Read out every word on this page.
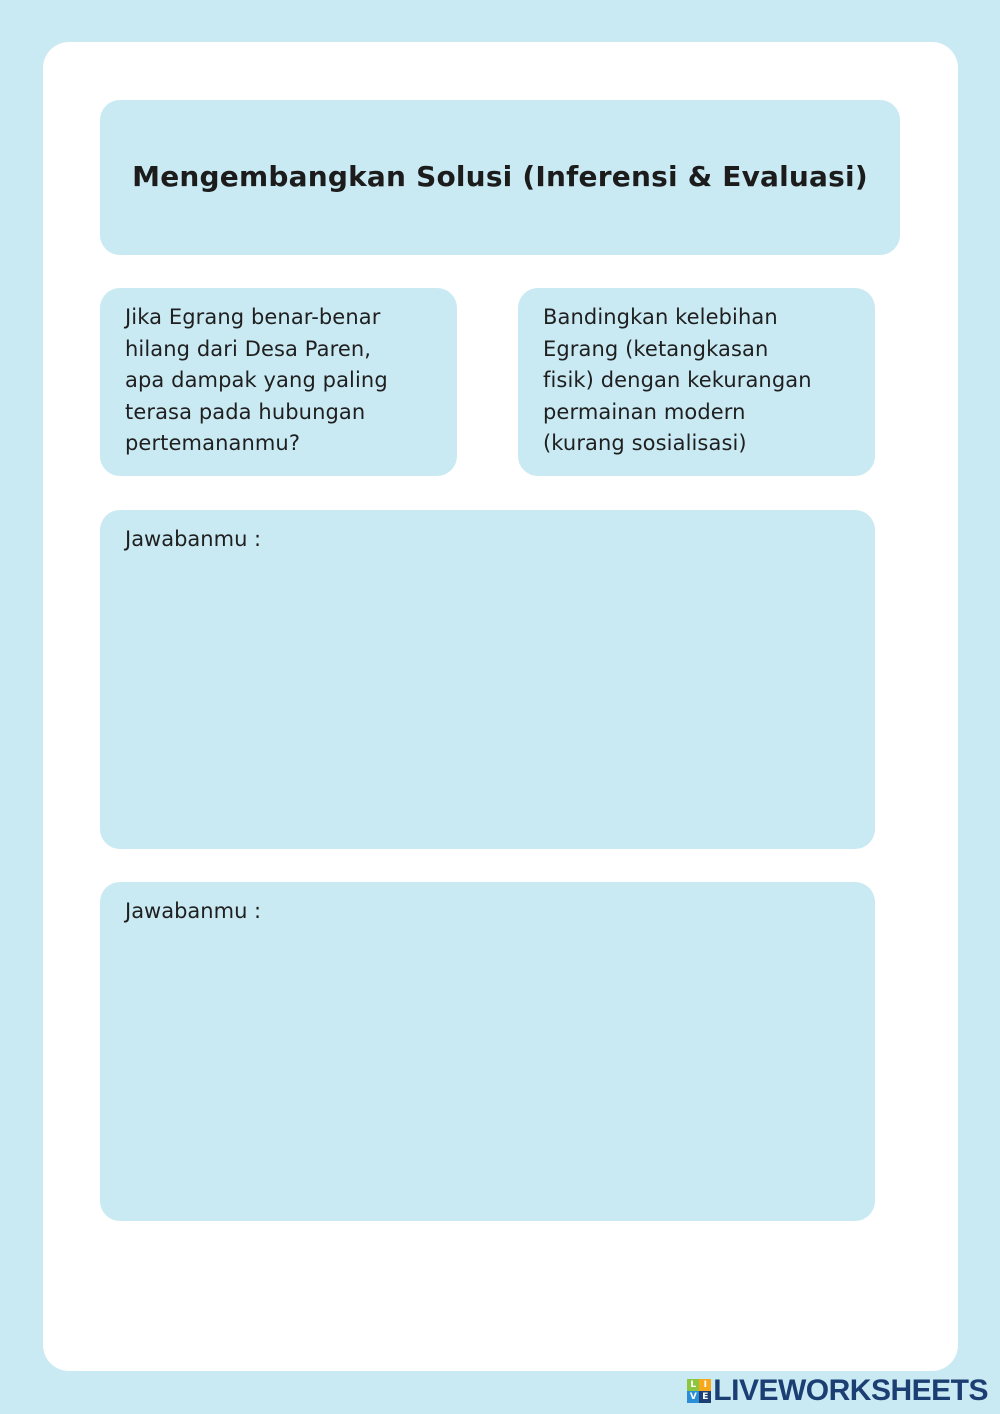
Mengembangkan Solusi (Inferensi & Evaluasi)
Jika Egrang benar-benar
hilang dari Desa Paren,
apa dampak yang paling
terasa pada hubungan
pertemananmu?
Bandingkan kelebihan
Egrang (ketangkasan
fisik) dengan kekurangan
permainan modern
(kurang sosialisasi)
Jawabanmu :
Jawabanmu :
L I
V E LIVEWORKSHEETS
